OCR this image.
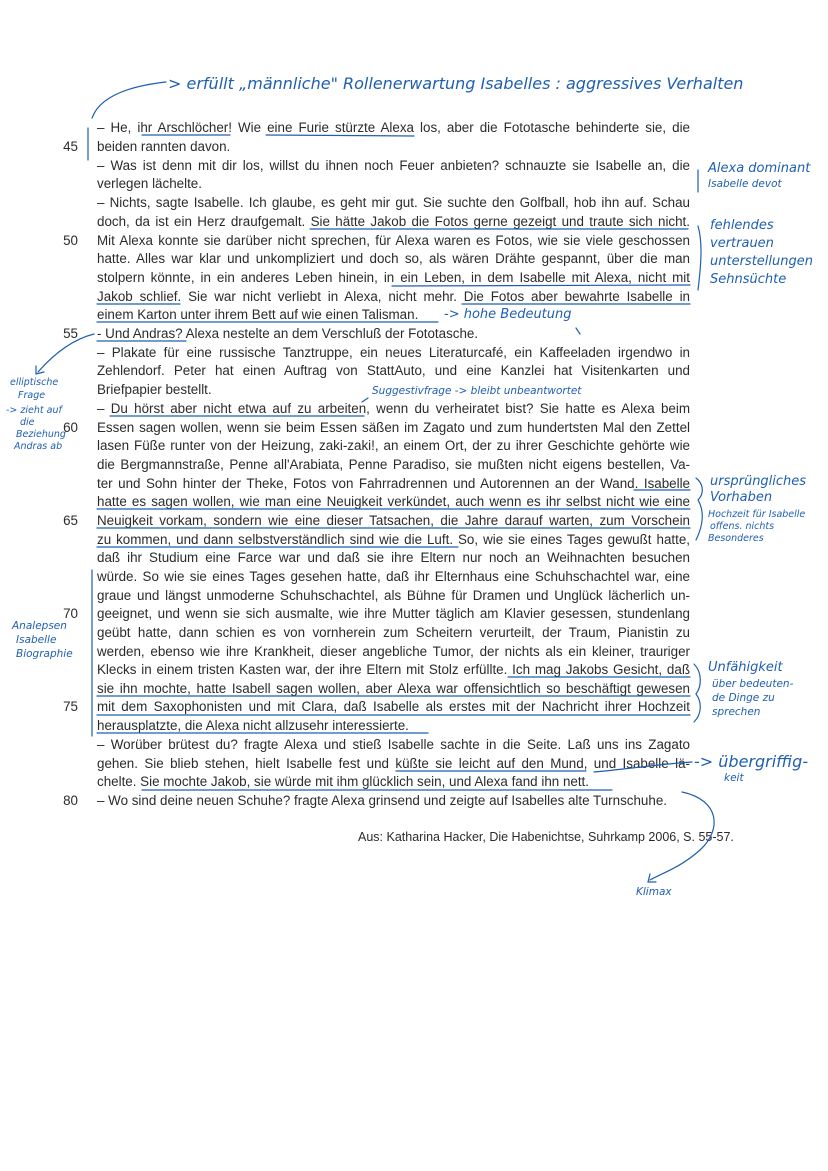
45
50
55
60
65
70
75
80
– He, ihr Arschlöcher! Wie eine Furie stürzte Alexa los, aber die Fototasche behinderte sie, die
beiden rannten davon.
– Was ist denn mit dir los, willst du ihnen noch Feuer anbieten? schnauzte sie Isabelle an, die
verlegen lächelte.
– Nichts, sagte Isabelle. Ich glaube, es geht mir gut. Sie suchte den Golfball, hob ihn auf. Schau
doch, da ist ein Herz draufgemalt. Sie hätte Jakob die Fotos gerne gezeigt und traute sich nicht.
Mit Alexa konnte sie darüber nicht sprechen, für Alexa waren es Fotos, wie sie viele geschossen
hatte. Alles war klar und unkompliziert und doch so, als wären Drähte gespannt, über die man
stolpern könnte, in ein anderes Leben hinein, in ein Leben, in dem Isabelle mit Alexa, nicht mit
Jakob schlief. Sie war nicht verliebt in Alexa, nicht mehr. Die Fotos aber bewahrte Isabelle in
einem Karton unter ihrem Bett auf wie einen Talisman.
- Und Andras? Alexa nestelte an dem Verschluß der Fototasche.
– Plakate für eine russische Tanztruppe, ein neues Literaturcafé, ein Kaffeeladen irgendwo in
Zehlendorf. Peter hat einen Auftrag von StattAuto, und eine Kanzlei hat Visitenkarten und
Briefpapier bestellt.
– Du hörst aber nicht etwa auf zu arbeiten, wenn du verheiratet bist? Sie hatte es Alexa beim
Essen sagen wollen, wenn sie beim Essen säßen im Zagato und zum hundertsten Mal den Zettel
lasen Füße runter von der Heizung, zaki-zaki!, an einem Ort, der zu ihrer Geschichte gehörte wie
die Bergmannstraße, Penne all'Arabiata, Penne Paradiso, sie mußten nicht eigens bestellen, Va-
ter und Sohn hinter der Theke, Fotos von Fahrradrennen und Autorennen an der Wand. Isabelle
hatte es sagen wollen, wie man eine Neuigkeit verkündet, auch wenn es ihr selbst nicht wie eine
Neuigkeit vorkam, sondern wie eine dieser Tatsachen, die Jahre darauf warten, zum Vorschein
zu kommen, und dann selbstverständlich sind wie die Luft. So, wie sie eines Tages gewußt hatte,
daß ihr Studium eine Farce war und daß sie ihre Eltern nur noch an Weihnachten besuchen
würde. So wie sie eines Tages gesehen hatte, daß ihr Elternhaus eine Schuhschachtel war, eine
graue und längst unmoderne Schuhschachtel, als Bühne für Dramen und Unglück lächerlich un-
geeignet, und wenn sie sich ausmalte, wie ihre Mutter täglich am Klavier gesessen, stundenlang
geübt hatte, dann schien es von vornherein zum Scheitern verurteilt, der Traum, Pianistin zu
werden, ebenso wie ihre Krankheit, dieser angebliche Tumor, der nichts als ein kleiner, trauriger
Klecks in einem tristen Kasten war, der ihre Eltern mit Stolz erfüllte. Ich mag Jakobs Gesicht, daß
sie ihn mochte, hatte Isabell sagen wollen, aber Alexa war offensichtlich so beschäftigt gewesen
mit dem Saxophonisten und mit Clara, daß Isabelle als erstes mit der Nachricht ihrer Hochzeit
herausplatzte, die Alexa nicht allzusehr interessierte.
– Worüber brütest du? fragte Alexa und stieß Isabelle sachte in die Seite. Laß uns ins Zagato
gehen. Sie blieb stehen, hielt Isabelle fest und küßte sie leicht auf den Mund, und Isabelle lä-
chelte. Sie mochte Jakob, sie würde mit ihm glücklich sein, und Alexa fand ihn nett.
– Wo sind deine neuen Schuhe? fragte Alexa grinsend und zeigte auf Isabelles alte Turnschuhe.
Aus: Katharina Hacker, Die Habenichtse, Suhrkamp 2006, S. 55-57.
> erfüllt „männliche" Rollenerwartung Isabelles : aggressives Verhalten
Alexa dominant
Isabelle devot
fehlendes
vertrauen
unterstellungen
Sehnsüchte
-> hohe Bedeutung
Suggestivfrage -> bleibt unbeantwortet
elliptische
Frage
-> zieht auf
die
Beziehung
Andras ab
ursprüngliches
Vorhaben
Hochzeit für Isabelle
offens. nichts
Besonderes
Analepsen
Isabelle
Biographie
Unfähigkeit
über bedeuten-
de Dinge zu
sprechen
-> übergriffig-
keit
Klimax
